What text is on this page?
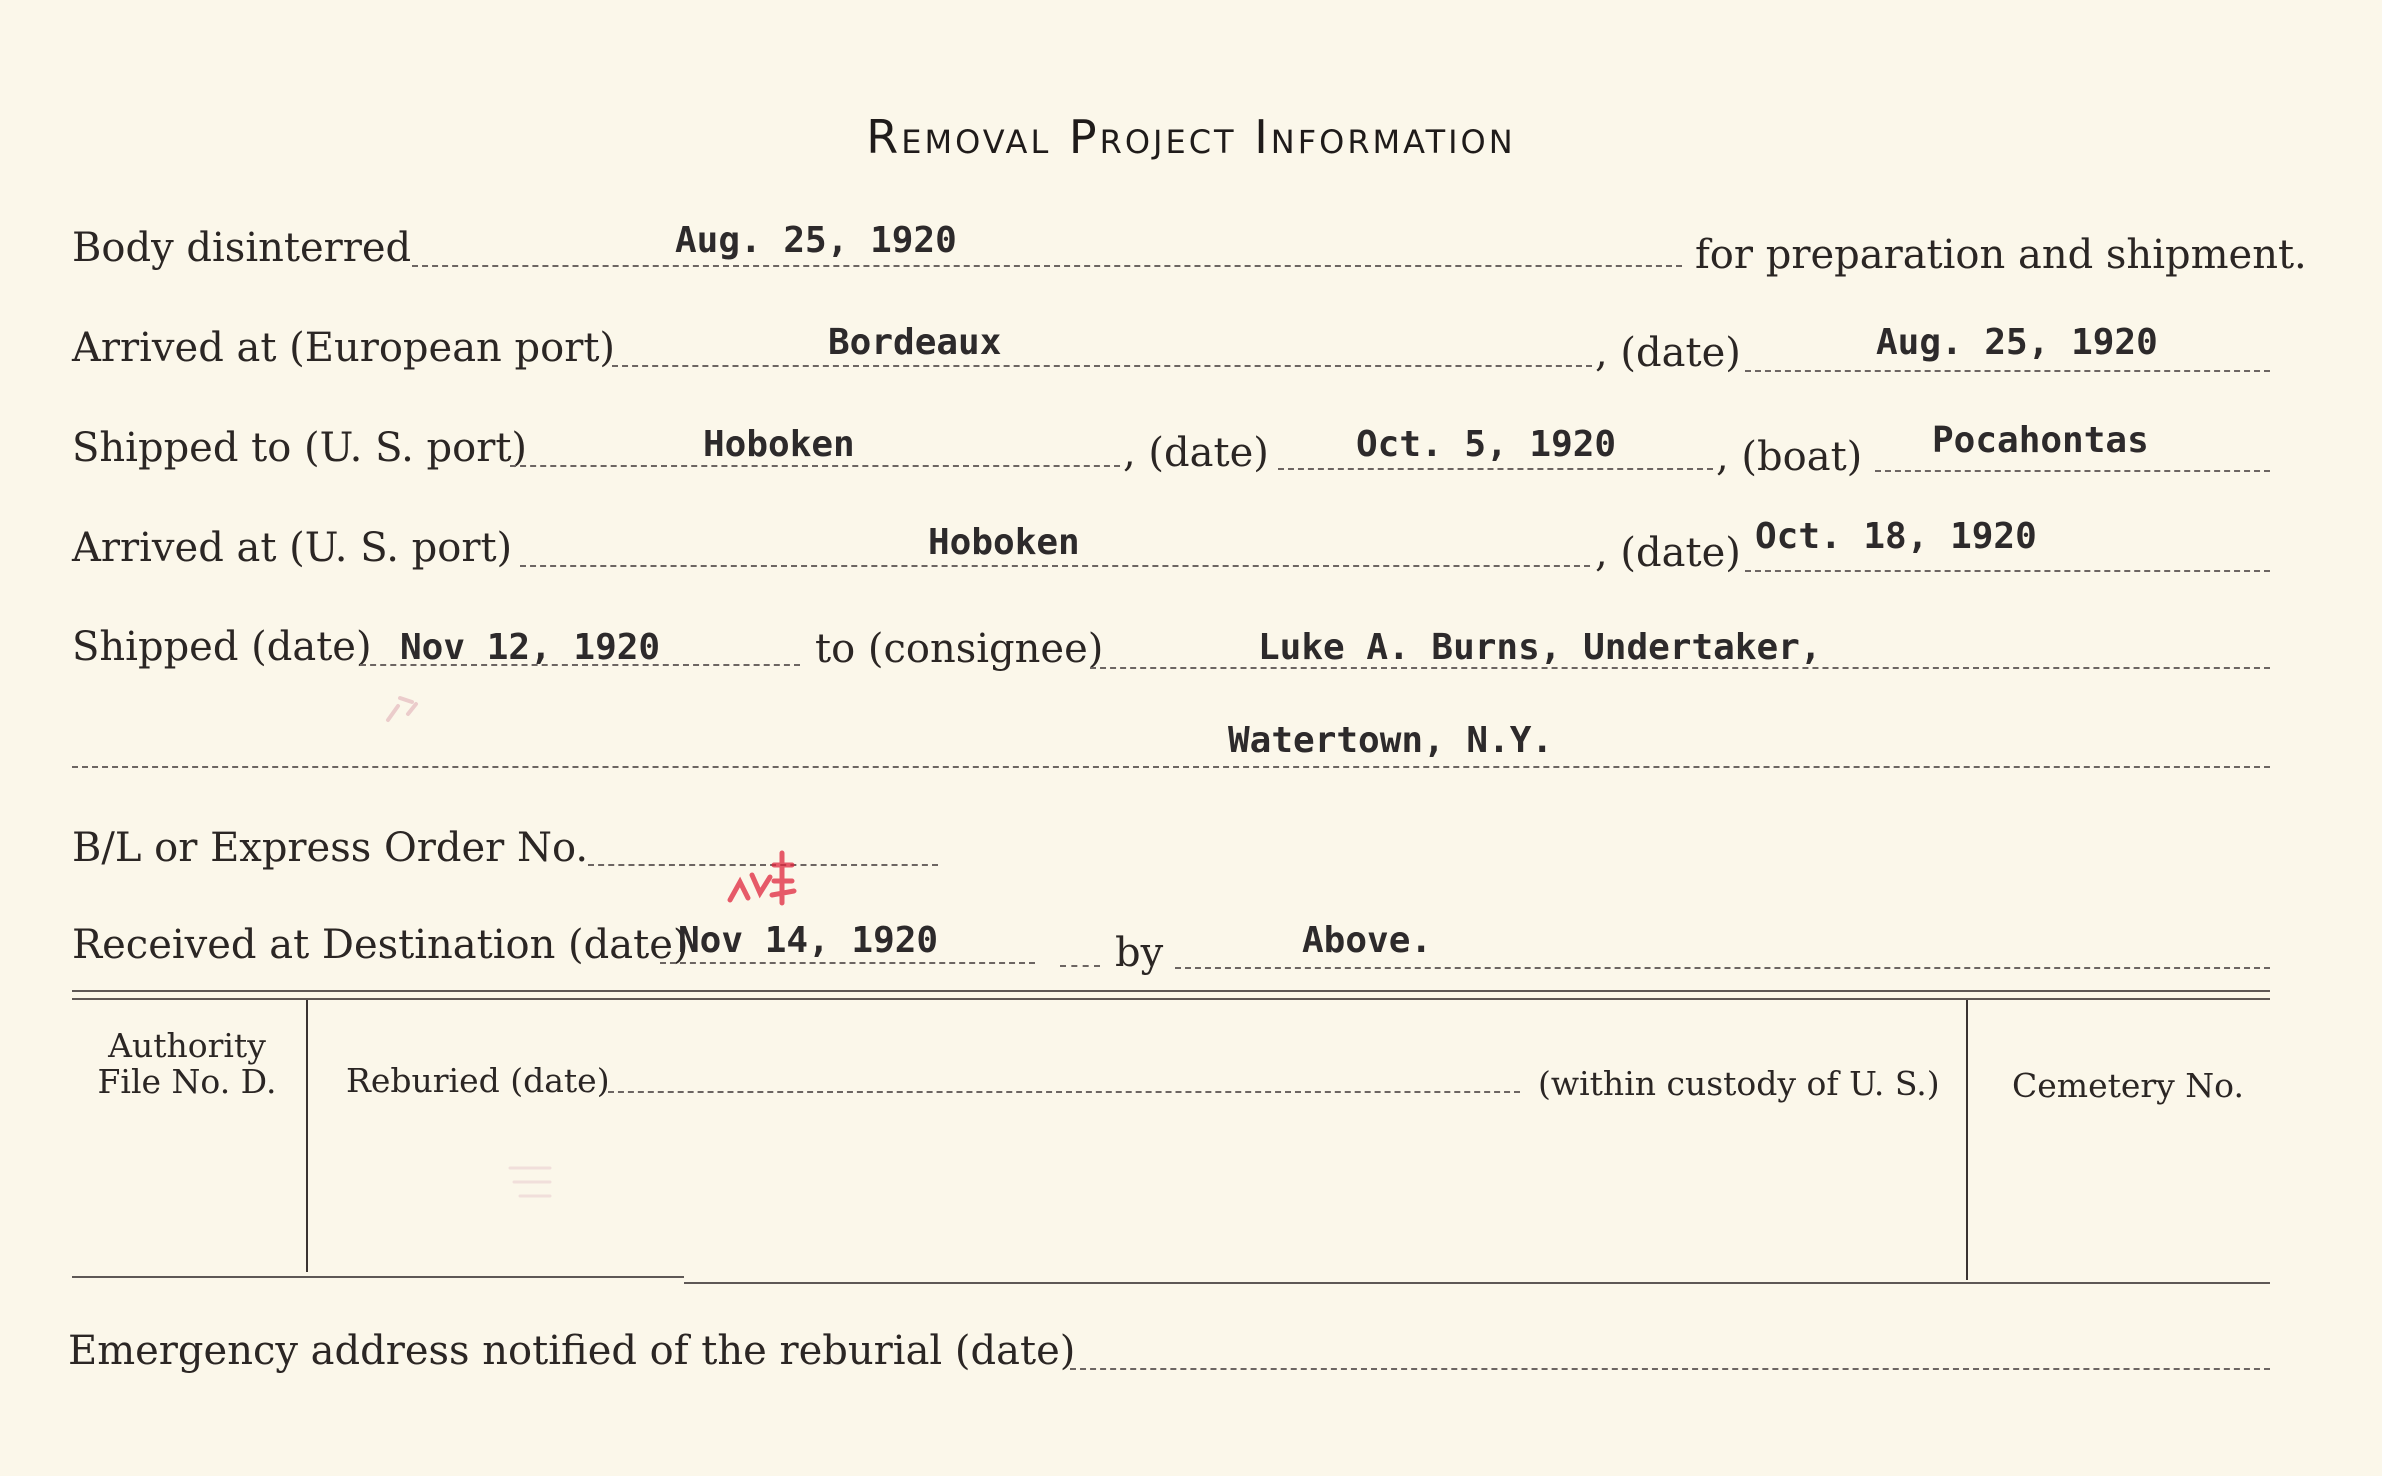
Removal Project Information
Body disinterred	Aug. 25, 1920	for preparation and shipment.
Arrived at (European port)	Bordeaux	, (date)	Aug. 25, 1920
Shipped to (U. S. port)	Hoboken	, (date) Oct. 5, 1920 , (boat) Pocahontas
Arrived at (U. S. port)	Hoboken	, (date) Oct. 18, 1920
Shipped (date) Nov 12, 1920	to (consignee)	Luke A. Burns, Undertaker,
Watertown, N.Y.
B/L or Express Order No.
Received at Destination (date)
Nov 14, 1920	by	Above.
Authority
File No. D.	Reburied (date)	(within custody of U. S.) Cemetery No.
Emergency address notified of the reburial (date)
